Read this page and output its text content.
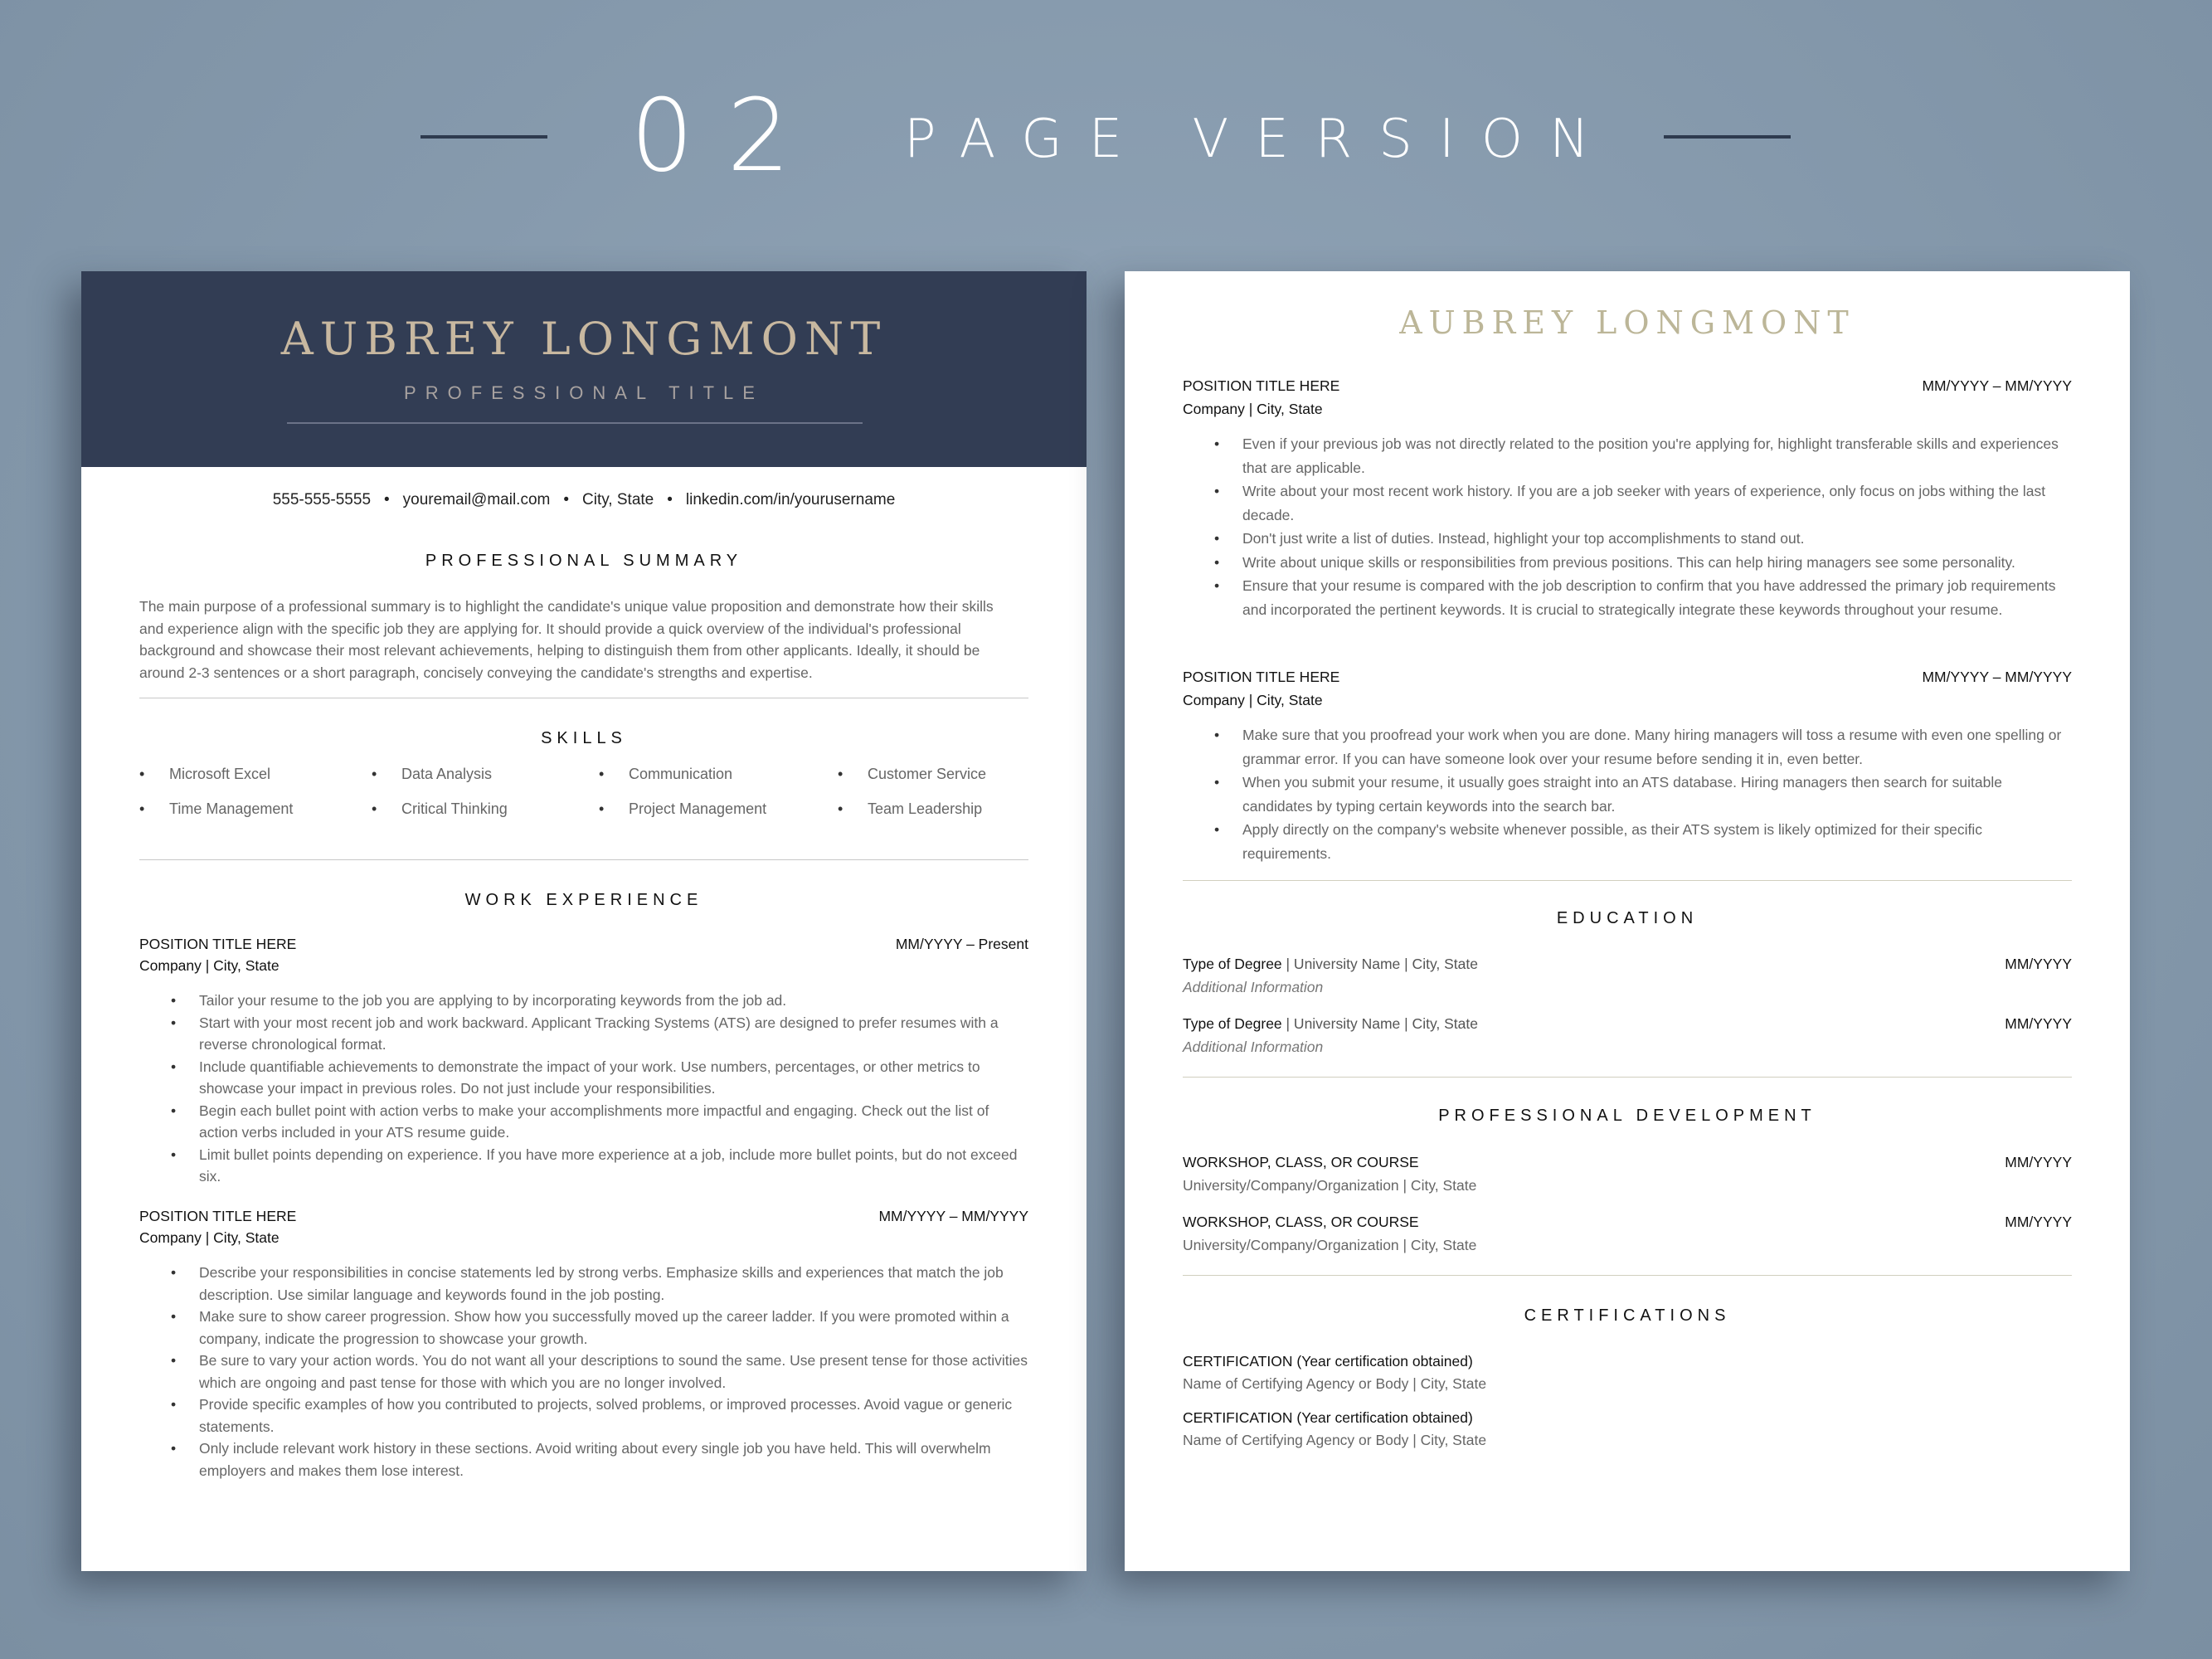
02 PAGE VERSION
AUBREY LONGMONT
PROFESSIONAL TITLE
555-555-5555 • youremail@mail.com • City, State • linkedin.com/in/yourusername
PROFESSIONAL SUMMARY
The main purpose of a professional summary is to highlight the candidate's unique value proposition and demonstrate how their skills
and experience align with the specific job they are applying for. It should provide a quick overview of the individual's professional
background and showcase their most relevant achievements, helping to distinguish them from other applicants. Ideally, it should be
around 2-3 sentences or a short paragraph, concisely conveying the candidate's strengths and expertise.
SKILLS
• Microsoft Excel	• Data Analysis	• Communication	• Customer Service
• Time Management	• Critical Thinking	• Project Management	• Team Leadership
WORK EXPERIENCE
POSITION TITLE HERE	MM/YYYY – Present
Company | City, State
• Tailor your resume to the job you are applying to by incorporating keywords from the job ad.
• Start with your most recent job and work backward. Applicant Tracking Systems (ATS) are designed to prefer resumes with a reverse chronological format.
• Include quantifiable achievements to demonstrate the impact of your work. Use numbers, percentages, or other metrics to showcase your impact in previous roles. Do not just include your responsibilities.
• Begin each bullet point with action verbs to make your accomplishments more impactful and engaging. Check out the list of action verbs included in your ATS resume guide.
• Limit bullet points depending on experience. If you have more experience at a job, include more bullet points, but do not exceed six.
POSITION TITLE HERE	MM/YYYY – MM/YYYY
Company | City, State
• Describe your responsibilities in concise statements led by strong verbs. Emphasize skills and experiences that match the job description. Use similar language and keywords found in the job posting.
• Make sure to show career progression. Show how you successfully moved up the career ladder. If you were promoted within a company, indicate the progression to showcase your growth.
• Be sure to vary your action words. You do not want all your descriptions to sound the same. Use present tense for those activities which are ongoing and past tense for those with which you are no longer involved.
• Provide specific examples of how you contributed to projects, solved problems, or improved processes. Avoid vague or generic statements.
• Only include relevant work history in these sections. Avoid writing about every single job you have held. This will overwhelm employers and makes them lose interest.
AUBREY LONGMONT
POSITION TITLE HERE	MM/YYYY – MM/YYYY
Company | City, State
• Even if your previous job was not directly related to the position you're applying for, highlight transferable skills and experiences that are applicable.
• Write about your most recent work history. If you are a job seeker with years of experience, only focus on jobs withing the last decade.
• Don't just write a list of duties. Instead, highlight your top accomplishments to stand out.
• Write about unique skills or responsibilities from previous positions. This can help hiring managers see some personality.
• Ensure that your resume is compared with the job description to confirm that you have addressed the primary job requirements and incorporated the pertinent keywords. It is crucial to strategically integrate these keywords throughout your resume.
POSITION TITLE HERE	MM/YYYY – MM/YYYY
Company | City, State
• Make sure that you proofread your work when you are done. Many hiring managers will toss a resume with even one spelling or grammar error. If you can have someone look over your resume before sending it in, even better.
• When you submit your resume, it usually goes straight into an ATS database. Hiring managers then search for suitable candidates by typing certain keywords into the search bar.
• Apply directly on the company's website whenever possible, as their ATS system is likely optimized for their specific requirements.
EDUCATION
Type of Degree | University Name | City, State	MM/YYYY
Additional Information
Type of Degree | University Name | City, State	MM/YYYY
Additional Information
PROFESSIONAL DEVELOPMENT
WORKSHOP, CLASS, OR COURSE	MM/YYYY
University/Company/Organization | City, State
WORKSHOP, CLASS, OR COURSE	MM/YYYY
University/Company/Organization | City, State
CERTIFICATIONS
CERTIFICATION (Year certification obtained)
Name of Certifying Agency or Body | City, State
CERTIFICATION (Year certification obtained)
Name of Certifying Agency or Body | City, State
